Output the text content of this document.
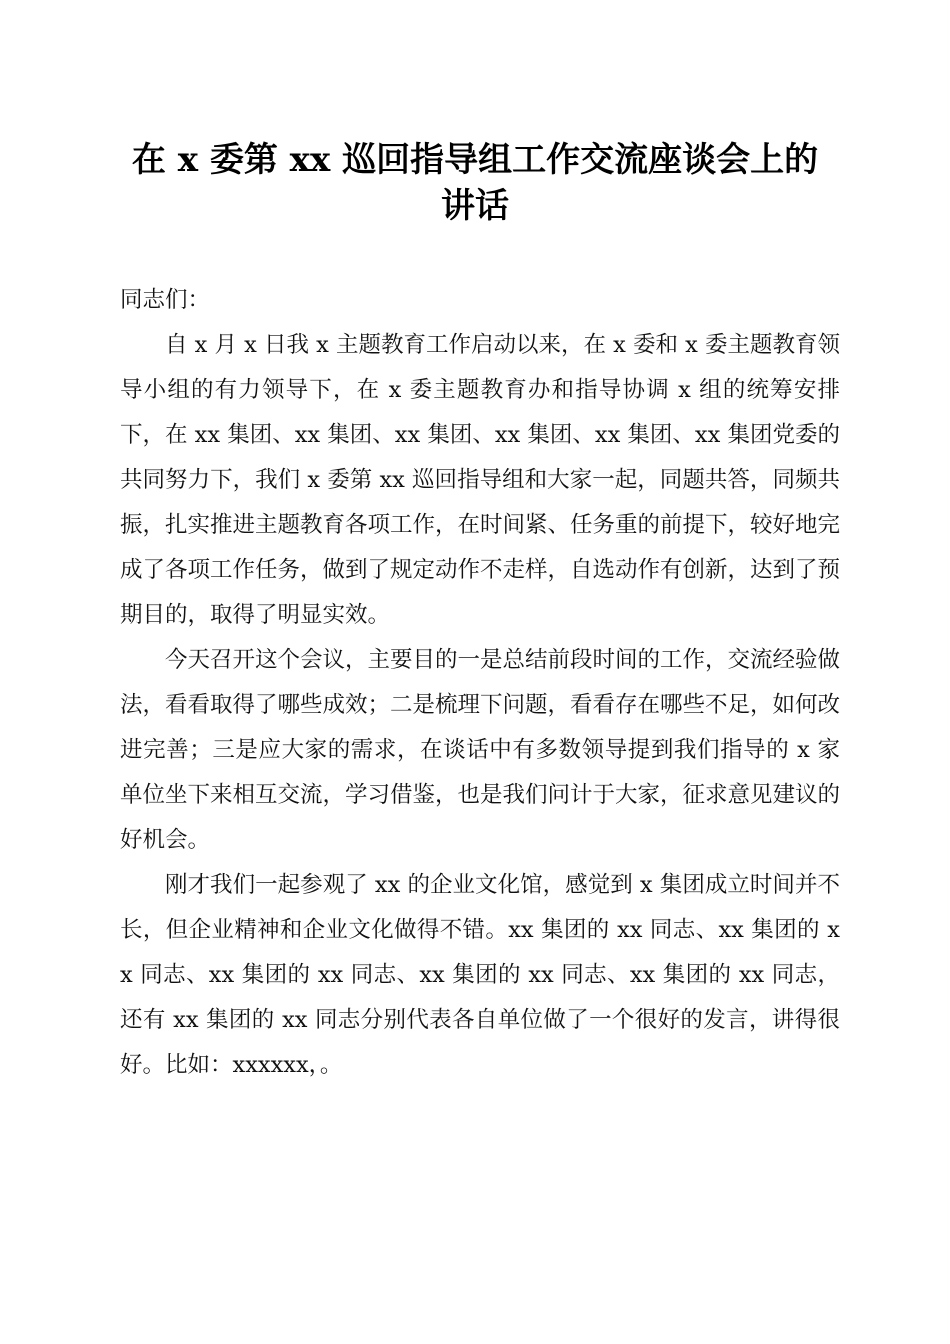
在 x 委第 xx 巡回指导组工作交流座谈会上的
讲话

同志们：

自 x 月 x 日我 x 主题教育工作启动以来，在 x 委和 x 委主题教育领导小组的有力领导下，在 x 委主题教育办和指导协调 x 组的统筹安排下，在 xx 集团、xx 集团、xx 集团、xx 集团、xx 集团、xx 集团党委的共同努力下，我们 x 委第 xx 巡回指导组和大家一起，同题共答，同频共振，扎实推进主题教育各项工作，在时间紧、任务重的前提下，较好地完成了各项工作任务，做到了规定动作不走样，自选动作有创新，达到了预期目的，取得了明显实效。

今天召开这个会议，主要目的一是总结前段时间的工作，交流经验做法，看看取得了哪些成效；二是梳理下问题，看看存在哪些不足，如何改进完善；三是应大家的需求，在谈话中有多数领导提到我们指导的 x 家单位坐下来相互交流，学习借鉴，也是我们问计于大家，征求意见建议的好机会。

刚才我们一起参观了 xx 的企业文化馆，感觉到 x 集团成立时间并不长，但企业精神和企业文化做得不错。xx 集团的 xx 同志、xx 集团的 xx 同志、xx 集团的 xx 同志、xx 集团的 xx 同志、xx 集团的 xx 同志，还有 xx 集团的 xx 同志分别代表各自单位做了一个很好的发言，讲得很好。比如：xxxxxx，。
